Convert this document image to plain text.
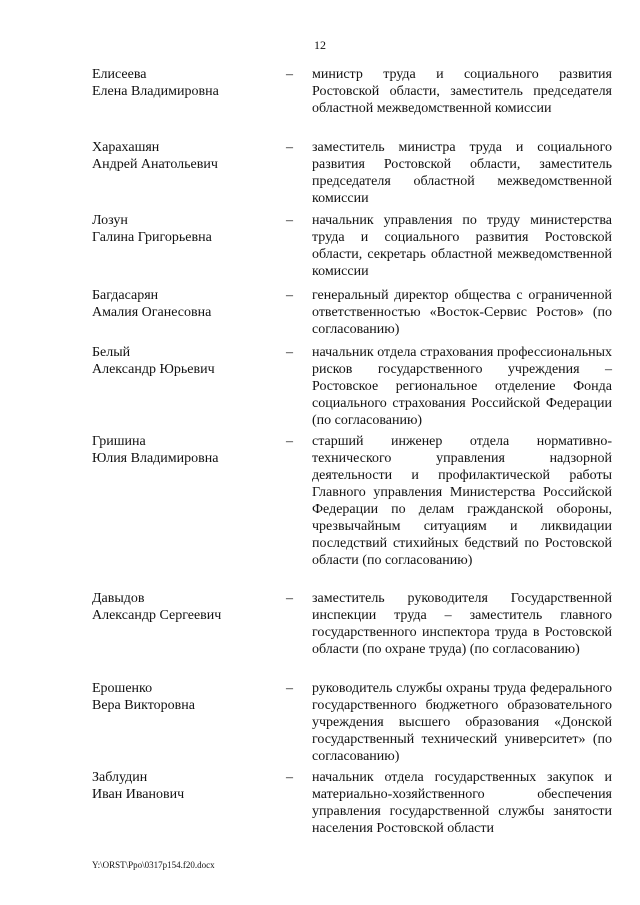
12
Елисеева
Елена Владимировна
–	министр труда и социального развития Ростовской области, заместитель председателя областной межведомственной комиссии
Харахашян
Андрей Анатольевич
–	заместитель министра труда и социального развития Ростовской области, заместитель председателя областной межведомственной комиссии
Лозун
Галина Григорьевна
–	начальник управления по труду министерства труда и социального развития Ростовской области, секретарь областной межведомственной комиссии
Багдасарян
Амалия Оганесовна
–	генеральный директор общества с ограниченной ответственностью «Восток-Сервис Ростов» (по согласованию)
Белый
Александр Юрьевич
–	начальник отдела страхования профессиональных рисков государственного учреждения – Ростовское региональное отделение Фонда социального страхования Российской Федерации (по согласованию)
Гришина
Юлия Владимировна
–	старший инженер отдела нормативно-технического управления надзорной деятельности и профилактической работы Главного управления Министерства Российской Федерации по делам гражданской обороны, чрезвычайным ситуациям и ликвидации последствий стихийных бедствий по Ростовской области (по согласованию)
Давыдов
Александр Сергеевич
–	заместитель руководителя Государственной инспекции труда – заместитель главного государственного инспектора труда в Ростовской области (по охране труда) (по согласованию)
Ерошенко
Вера Викторовна
–	руководитель службы охраны труда федерального государственного бюджетного образовательного учреждения высшего образования «Донской государственный технический университет» (по согласованию)
Заблудин
Иван Иванович
–	начальник отдела государственных закупок и материально-хозяйственного обеспечения управления государственной службы занятости населения Ростовской области
Y:\ORST\Ppo\0317p154.f20.docx
